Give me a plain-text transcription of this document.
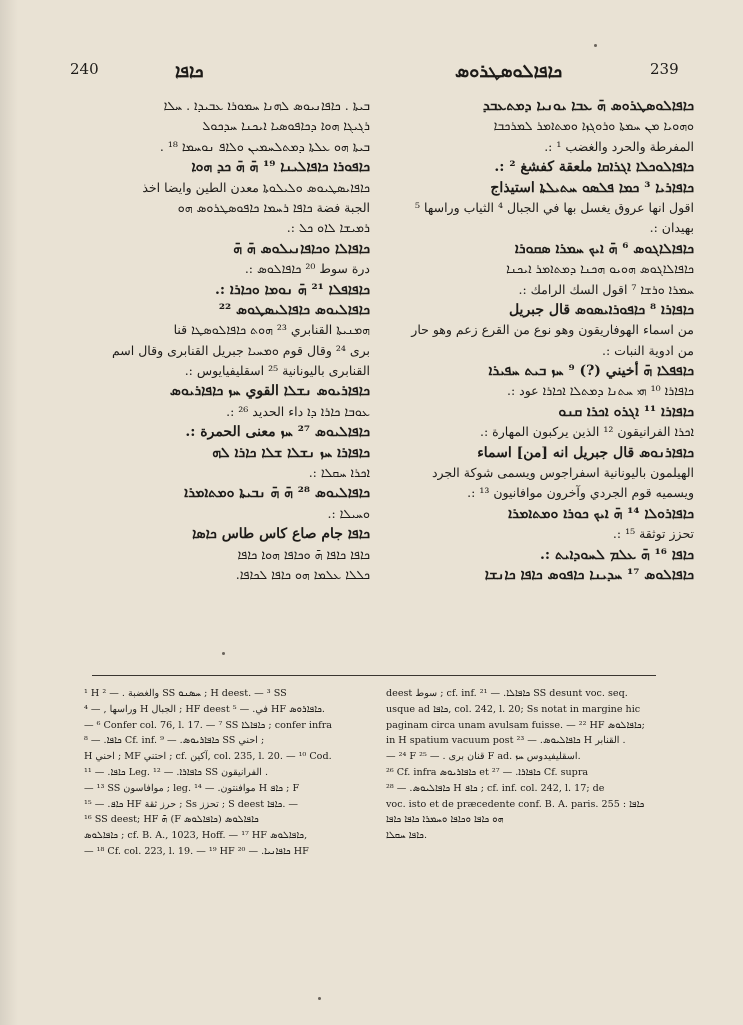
240	ܟܐܦܐ	ܟܐܦܐܠܘܣܛܪܘܣ	239
ܟܐܦܐܠܘܣܛܪܘܣ ܗ̄ ܥܒܐ ܝܘܢܝܐ ܕܡܬܥܒܕ
ܘܗܘܝܐ ܡܢ ܚܡܬܐ ܘܪܘܓܙܐ ܘܡܬܐܡܪ ܠܡܪܟܒܐ
المفرطة والحرد والغضب ¹ :.
ܟܐܦܐܠܘܟܠܐ ܐܓܪܐܩܐ ملعقة كفشغ ² :.
ܟܐܦܐܪܝܐ ³ ܟܡܐ ܦܠܣܘ ܚܬܝܠܬܐ استيذاج
اقول انها عروق يغسل بها في الجبال ⁴ الثياب وراسها ⁵
بهيدان :.
ܟܐܦܐܠܐܓܘܣ ⁶ ܗ̄ ܐܝܟ ܚܡܪܐ ܣܩܘܪܐ
ܟܐܦܐܠܐܓܘܣ ܗܘܝܘ ܗܟܢܐ ܕܡܬܐܡܪ ܐܝܟܢܐ
ܚܡܪܐ ܘܪܫܐ ⁷ اقول السك الرامك :.
ܟܐܦܐܪܐ ⁸ ܟܐܦܘܪܐܝܣܘܣ قال جبريل
من اسماء الهوفاريقون وهو نوع من القرع زعم وهو حار
من ادوية النبات :.
ܟܐܦܦܠܐ ܗ̄ أخيني (?) ⁹ ܚܙ ܒܝܬ ܚܦܝܪܐ
ܟܐܦܐܪܐ ¹⁰ ܗܝ ܚܬܢܐ ܕܡܬܠܐ ܐܟܐܪܐ عود :.
ܟܐܦܐܪܐ ¹¹ ܐܓܪܘ ܐܟܪܐ ܩܢܘ
ܐܟܪܐ الفرانيقون ¹² الذين يركبون المهارة :.
ܟܐܦܐܪܢܘܣ قال جبريل انه [من] اسماء
الهيلمون باليونانية اسفراجوس ويسمى شوكة الجرد
ويسميه قوم الجردي وآخرون موافانيون ¹³ :.
ܟܐܦܐܪܘܠܐ ¹⁴ ܗ̄ ܐܝܟ ܟܘܪܐ ܘܡܬܐܡܪܐ
تحزز توثقة ¹⁵ :.
ܟܐܦܐ ¹⁶ ܗ̄ ܥܠܡ ܠܚܘܕܐܝܬ :.
ܟܐܦܐܠܘܣ ¹⁷ ܚܕܝܢܐ ܟܐܦܘܣ ܟܐܦܐ ܟܐܢܫܐ
ܒܝܬܐ . ܟܐܦܐܢܝܘܣ ܠܗܢܐ ܚܡܘܪܐ ܥܒܝܕܐ . ܚܠܐ
ܪܓܝܓܐ ܗܘܐ ܕܟܐܦܘܣܝܐ ܐܝܟܢܐ ܚܕܟܘܠ
ܒܝܬܐ ܗܘ ܥܠܬܐ ܕܡܬܠܚܡܝܢ ܘܠܐܦ ܢܘܚܡܐ ¹⁸ .
ܟܐܦܘܪܐ ܟܐܦܐܠܝܢܐ ¹⁹ ܗ̄ ܗ̄ ܟܕ ܗܘܐ
ܟܐܦܐܝܣܛܝܘܣ ܘܠܝܠܘܬܐ معدن الطين وايضا اخذ
الجبة فضة ܟܐܦܐ ܪܚܡܐ ܟܐܦܘܣܛܪܘܣ ܗܘ
ܪܡܝܫܐ ܠܐܘ ܟܠ :.
ܟܐܦܐܠܐ ܘܟܐܦܐܢܝܠܘܣ ܗ̄ ܗ̄
درة سوط ²⁰ ܟܐܦܐܠܘܣ :.
ܟܐܦܐܦܠܐ ²¹ ܗ̄ ܢܘܡܐ ܘܟܐܪܐ :.
ܟܐܦܐܠܝܘܣ ܟܐܦܐܠܝܣܛܘܣ ²²
ܗܡܢܝܬܐ القنابري ²³ ܗܘܬ ܟܐܦܐܠܘܣܛܐ قنا
برى ²⁴ وقال قوم ܘܡܚܝܐ جبريل القنابرى وقال اسم
القنابرى باليونانية ²⁵ اسقليفيايوس :.
ܟܐܦܐܪܝܘܣ ܢܫܠܐ القوي ܚܙ ܟܐܦܐܪܝܘܣ
ܥܘܒܐ ܟܐܪܐ ܕܐ داء الحديد ²⁶ :.
ܟܐܦܐܠܝܘܣ ²⁷ ܚܙ معنى الحمرة :.
ܟܐܦܐܪܐ ܚܙ ܢܫܠܐ ܫܠܐ ܟܐܪܐ ܠܗ
ܐܟܪܐ ܚܩܠܐ :.
ܟܐܦܐܠܝܘܣ ²⁸ ܗ̄ ܗ̄ ܢܒܝܬܐ ܘܡܬܐܡܪܐ
ܘܚܝܠܐ :.
ܟܐܦܐ جام صاع كاس طاس ܟܐܣܐ
ܟܐܦܐ ܟܐܦܐ ܗ̄ ܘܟܐܦܐ ܗܘܐ ܟܐܦܐ
ܟܠܠܐ ܥܠܡܐ ܗܘ ܟܐܦܐ ܠܟܐܦܐ.
¹ H والغضبة . — ² SS ܚܣܢܘ ; H deest. — ³ SS
وراسها , — ⁴ H الجبال ; HF deest في. — ⁵ HF ܟܐܦܐܪܘܣ.
— ⁶ Confer col. 76, l. 17. — ⁷ SS ܟܐܦܐܠܐ ; confer infra
ܟܐܦܐ. — ⁸ Cf. inf. ܟܐܦܐܪܝܘܣ. — ⁹ SS احني ;
H احني ; MF احتني ; cf. آكين, col. 235, l. 20. — ¹⁰ Cod.
ܟܐܦܐ. — ¹¹ Leg. ܟܐܦܐܪܐ. — ¹² SS الفرانيقون .
— ¹³ SS موافاسون ; leg. موافنتون. — ¹⁴ H ܟܐܦ ; F
ܟܐܦ. — ¹⁵ HF حرز ثقة ; Ss تحزز ; S deest ܟܐܦܐ. —
¹⁶ SS deest; HF ܗ̄ (F ܟܐܦܐܠܘܣ) ܟܐܦܐܠܘܣ
ܟܐܦܐܠܘܣ ; cf. B. A., 1023, Hoff. — ¹⁷ HF ܟܐܦܐܠܘܣ,
— ¹⁸ Cf. col. 223, l. 19. — ¹⁹ HF ܟܐܦܐܢܝܐ. — ²⁰ HF
deest سوط ; cf. inf. ܟܐܦܐܠܐ. — ²¹ SS desunt voc. seq.
usque ad ܟܐܦܐ, col. 242, l. 20; Ss notat in margine hic
paginam circa unam avulsam fuisse. — ²² HF ܟܐܦܐܠܘܣ;
in H spatium vacuum post ܟܐܦܐܠܝܘܣ. — ²³ H القنابر .
— ²⁴ F قنان برى . — ²⁵ F ad. اسقليفيدوس ܚܙ.
²⁶ Cf. infra ܟܐܦܐܪܝܘܣ et ܟܐܦܐܪܐ. — ²⁷ Cf. supra
ܟܐܦܐܠܝܘܣ. — ²⁸ H ܟܐܦ ; cf. inf. col. 242, l. 17; de
voc. isto et de præcedente conf. B. A. paris. 255 : ܟܐܦܐ
ܗܘ ܟܐܦܐ ܘܟܐܦܐ ܘܚܡܪܐ ܟܐܦܐ ܟܐܦܐ
ܟܐܦܐ ܚܩܠܐ.
